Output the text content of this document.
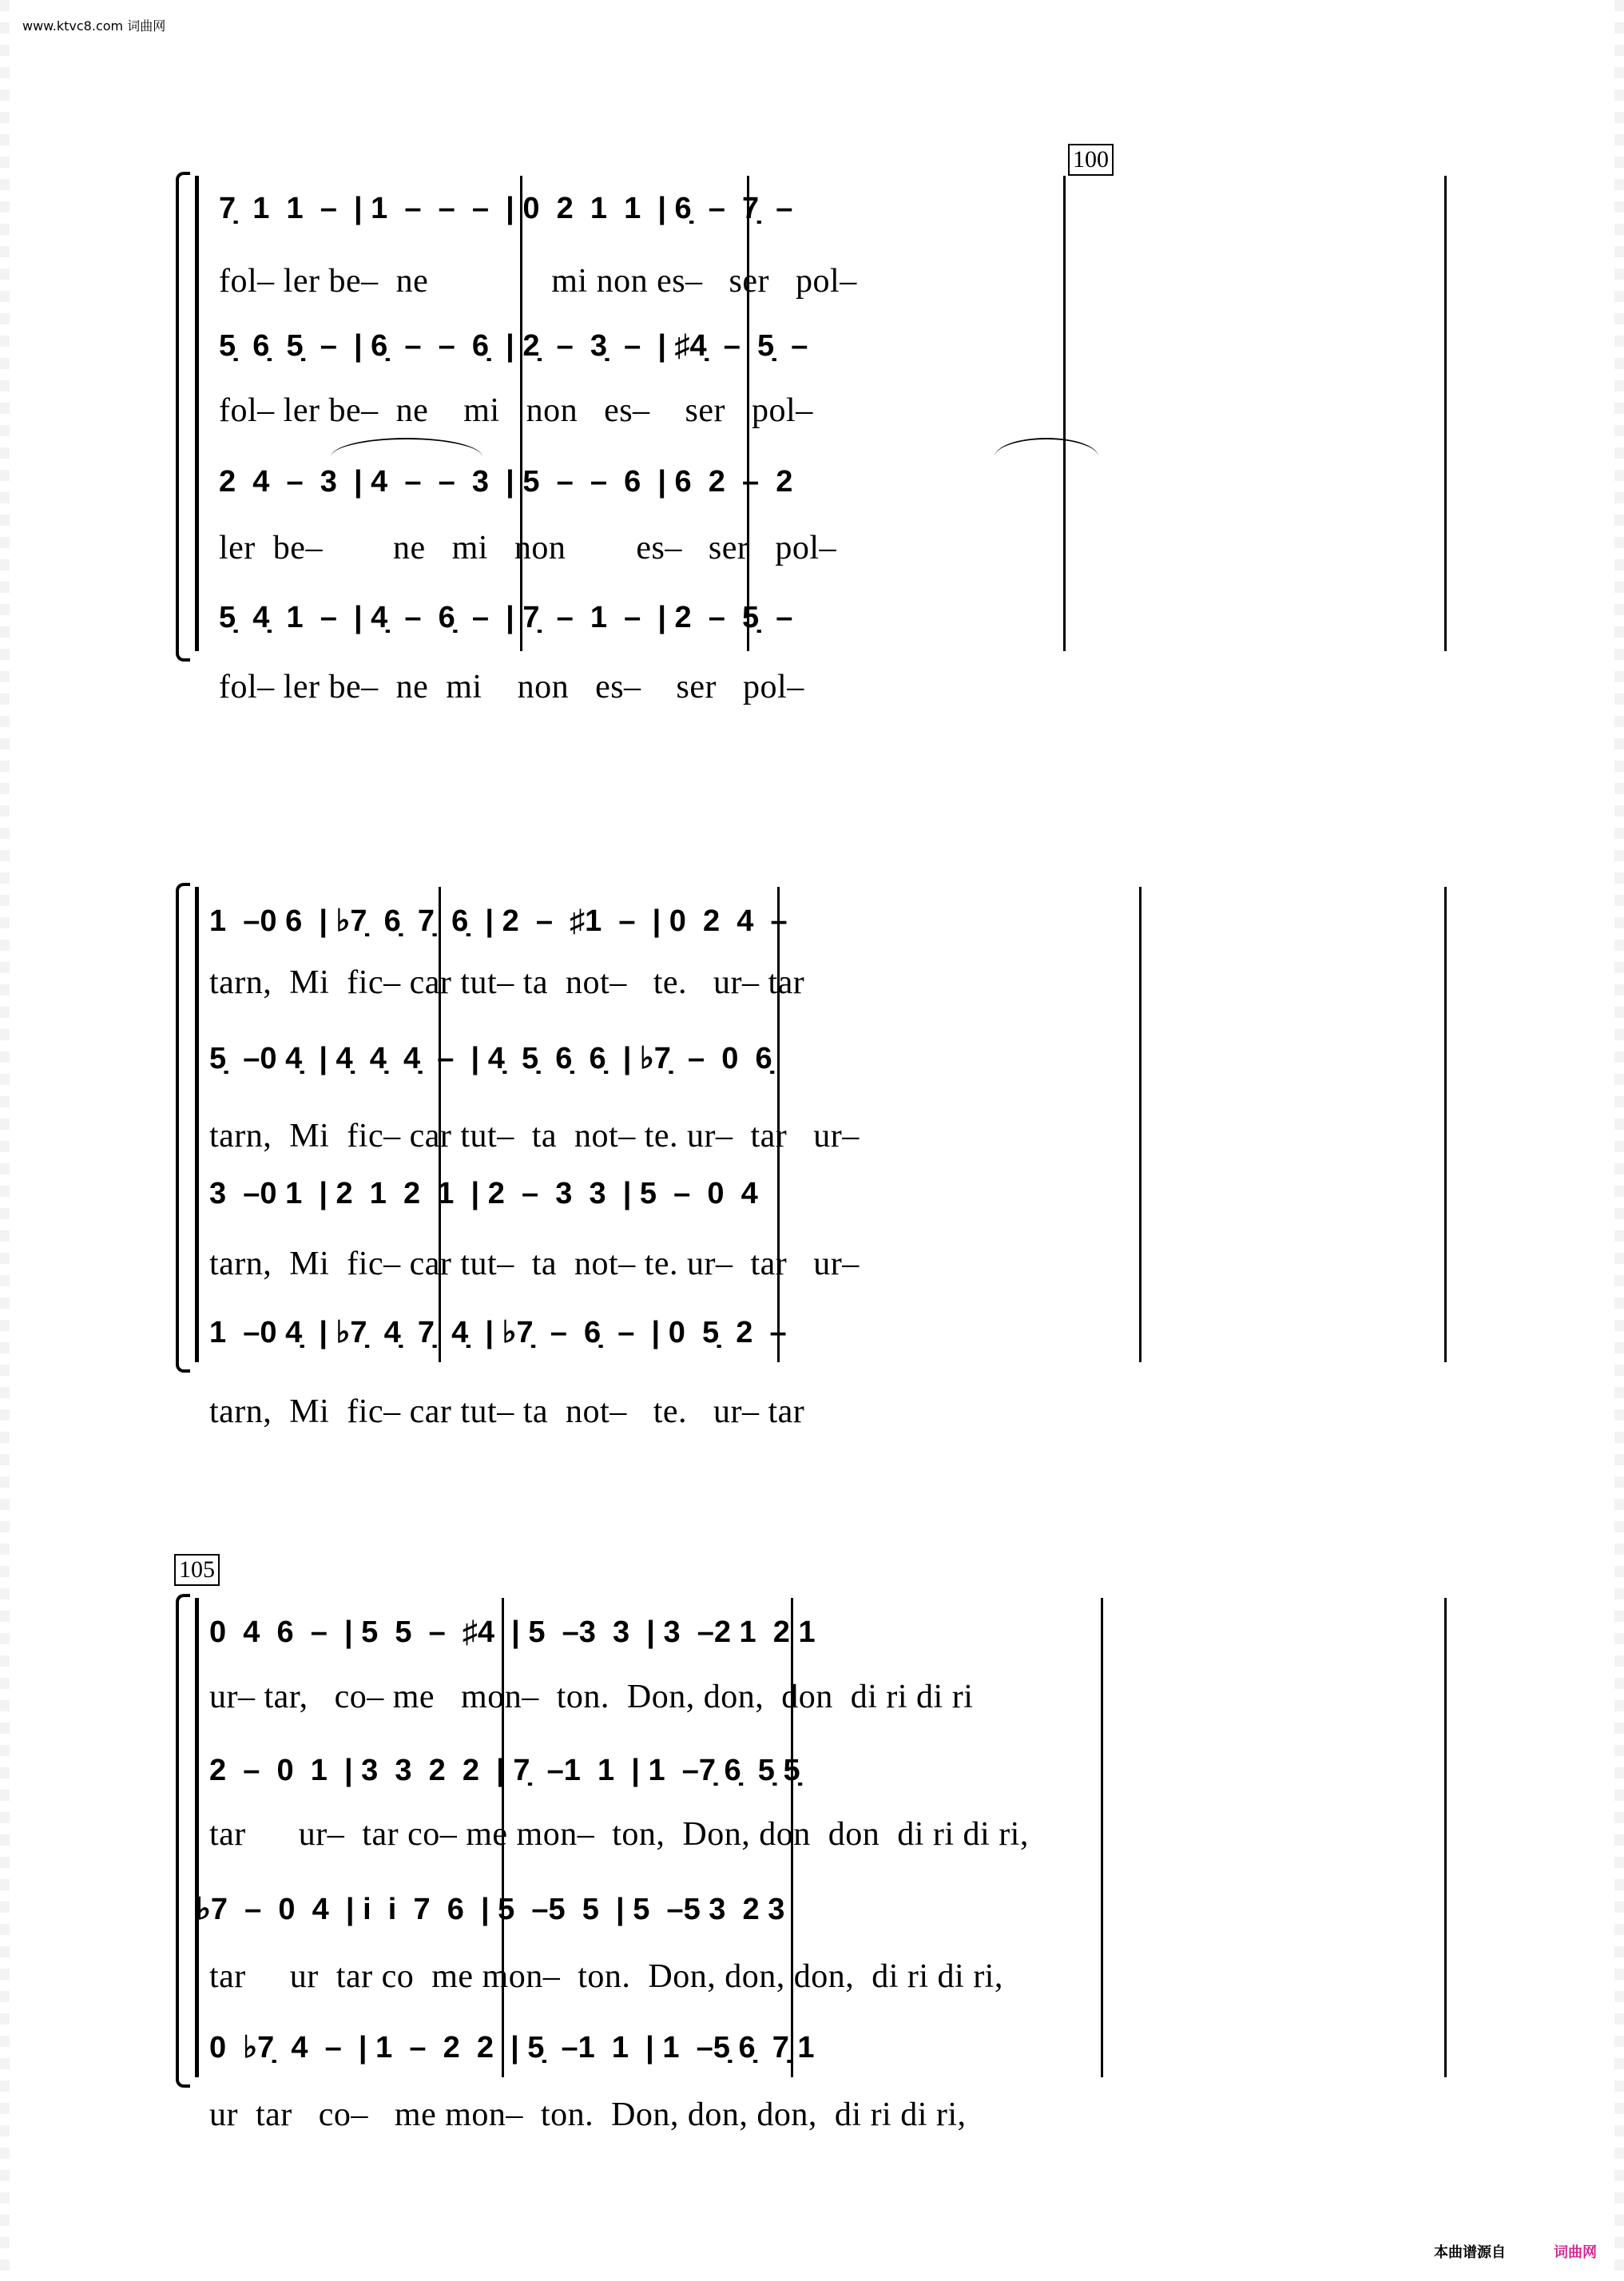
www.ktvc8.com 词曲网
100
7̣  1  1  –  | 1  –  –  –  | 0  2  1  1  | 6̣  –  7̣  –
fol– ler be–  ne              mi non es–   ser   pol–
5̣  6̣  5̣  –  | 6̣  –  –  6̣  | 2̣  –  3̣  –  | ♯4̣  –  5̣  –
fol– ler be–  ne    mi   non   es–    ser   pol–
2  4  –  3  | 4  –  –  3  | 5  –  –  6  | 6  2  –  2
ler  be–        ne   mi   non        es–   ser   pol–
5̣  4̣  1  –  | 4̣  –  6̣  –  | 7̣  –  1  –  | 2  –  5̣  –
fol– ler be–  ne  mi    non   es–    ser   pol–
1  –0 6  | ♭7̣  6̣  7̣  6̣  | 2  –  ♯1  –  | 0  2  4  –
tarn,  Mi  fic– car tut– ta  not–   te.   ur– tar
5̣  –0 4̣  | 4̣  4̣  4̣  –  | 4̣  5̣  6̣  6̣  | ♭7̣  –  0  6̣
tarn,  Mi  fic– car tut–  ta  not– te. ur–  tar   ur–
3  –0 1  | 2  1  2  1  | 2  –  3  3  | 5  –  0  4
tarn,  Mi  fic– car tut–  ta  not– te. ur–  tar   ur–
1  –0 4̣  | ♭7̣  4̣  7̣  4̣  | ♭7̣  –  6̣  –  | 0  5̣  2  –
tarn,  Mi  fic– car tut– ta  not–   te.   ur– tar
105
0  4  6  –  | 5  5  –  ♯4  | 5  –3  3  | 3  –2 1  2 1
ur– tar,   co– me   mon–  ton.  Don, don,  don  di ri di ri
2  –  0  1  | 3  3  2  2  | 7̣  –1  1  | 1  –7̣ 6̣  5̣ 5̣
tar      ur–  tar co– me mon–  ton,  Don, don  don  di ri di ri,
♭7  –  0  4  | i  i  7  6  | 5  –5  5  | 5  –5 3  2 3
tar     ur  tar co  me mon–  ton.  Don, don, don,  di ri di ri,
0  ♭7̣  4  –  | 1  –  2  2  | 5̣  –1  1  | 1  –5̣ 6̣  7̣ 1
ur  tar   co–   me mon–  ton.  Don, don, don,  di ri di ri,
本曲谱源自	词曲网
